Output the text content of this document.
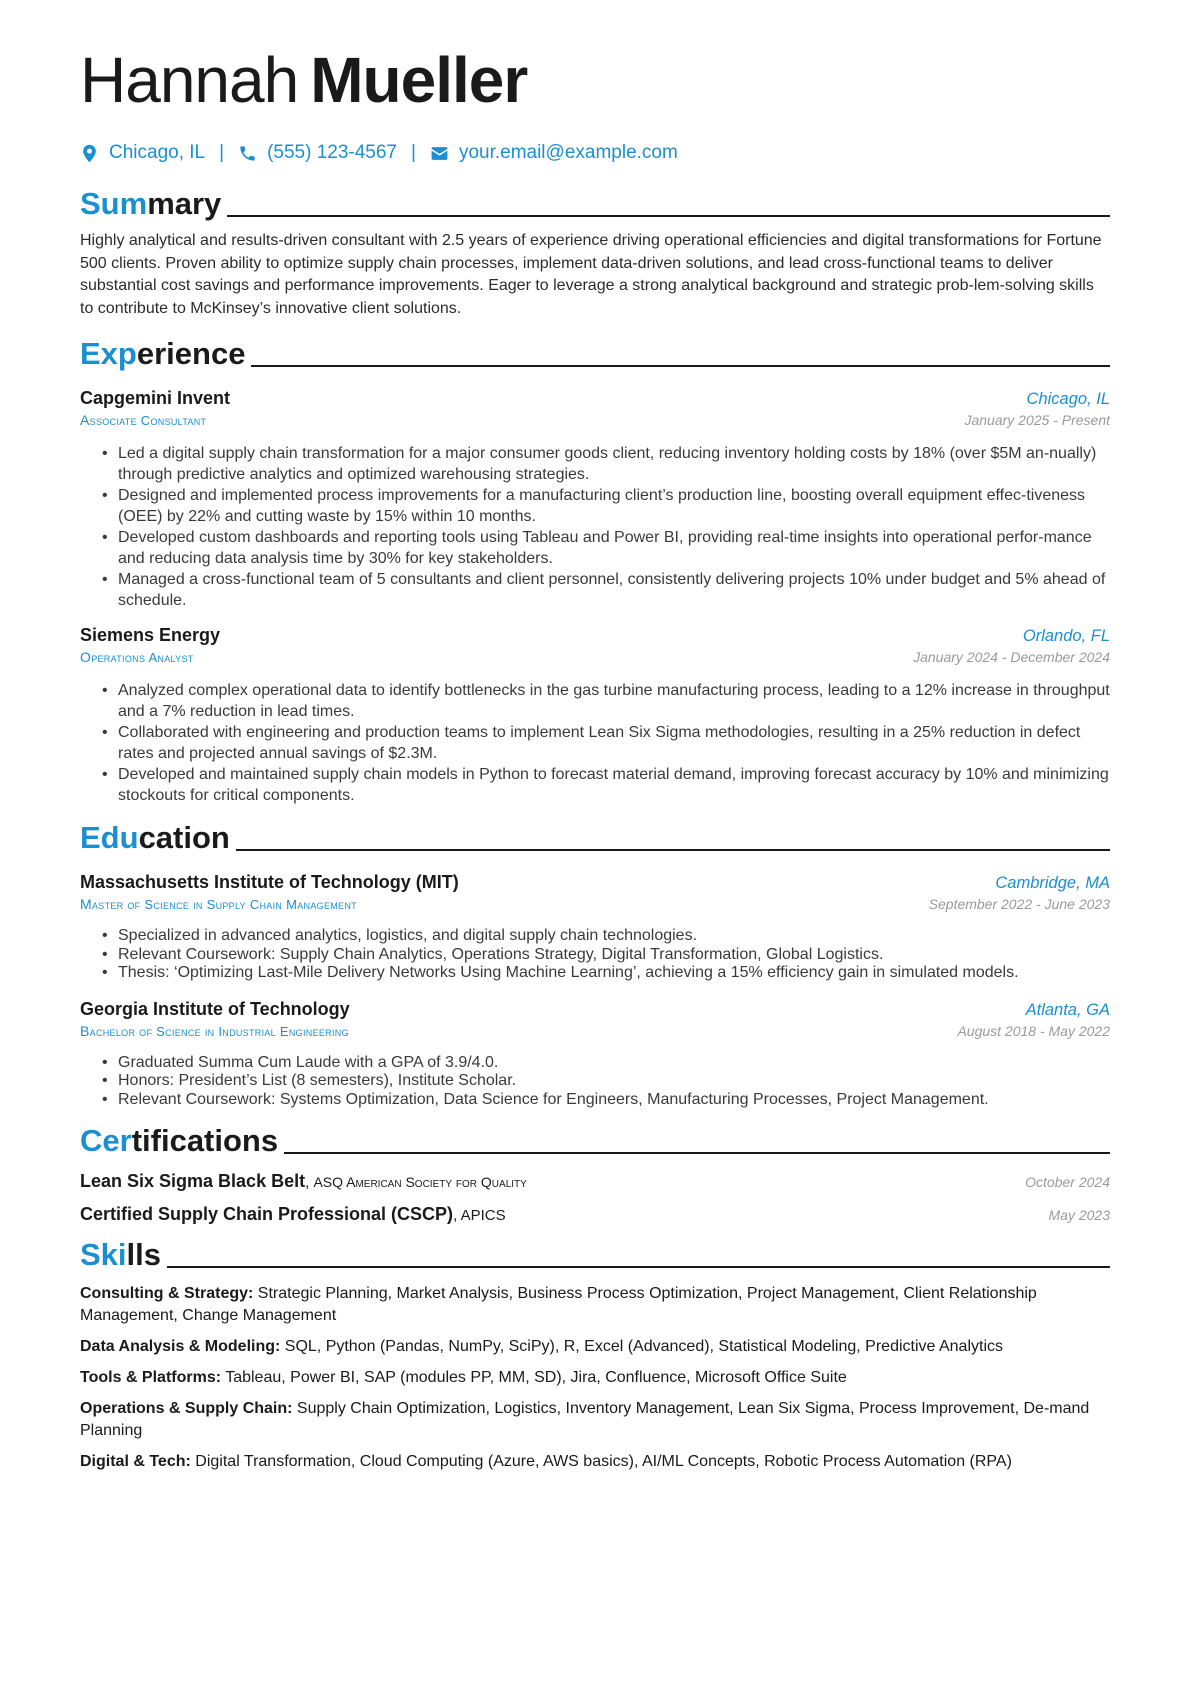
Hannah Mueller
Chicago, IL | (555) 123-4567 | your.email@example.com
Summary

Highly analytical and results-driven consultant with 2.5 years of experience driving operational efficiencies and digital transformations for Fortune 500 clients. Proven ability to optimize supply chain processes, implement data-driven solutions, and lead cross-functional teams to deliver substantial cost savings and performance improvements. Eager to leverage a strong analytical background and strategic prob-lem-solving skills to contribute to McKinsey’s innovative client solutions.

Experience
Capgemini Invent	Chicago, IL
Associate Consultant	January 2025 - Present
• Led a digital supply chain transformation for a major consumer goods client, reducing inventory holding costs by 18% (over $5M an-nually) through predictive analytics and optimized warehousing strategies.
• Designed and implemented process improvements for a manufacturing client’s production line, boosting overall equipment effec-tiveness (OEE) by 22% and cutting waste by 15% within 10 months.
• Developed custom dashboards and reporting tools using Tableau and Power BI, providing real-time insights into operational perfor-mance and reducing data analysis time by 30% for key stakeholders.
• Managed a cross-functional team of 5 consultants and client personnel, consistently delivering projects 10% under budget and 5% ahead of schedule.
Siemens Energy	Orlando, FL
Operations Analyst	January 2024 - December 2024
• Analyzed complex operational data to identify bottlenecks in the gas turbine manufacturing process, leading to a 12% increase in throughput and a 7% reduction in lead times.
• Collaborated with engineering and production teams to implement Lean Six Sigma methodologies, resulting in a 25% reduction in defect rates and projected annual savings of $2.3M.
• Developed and maintained supply chain models in Python to forecast material demand, improving forecast accuracy by 10% and minimizing stockouts for critical components.
Education
Massachusetts Institute of Technology (MIT)	Cambridge, MA
Master of Science in Supply Chain Management	September 2022 - June 2023
• Specialized in advanced analytics, logistics, and digital supply chain technologies.
• Relevant Coursework: Supply Chain Analytics, Operations Strategy, Digital Transformation, Global Logistics.
• Thesis: ‘Optimizing Last-Mile Delivery Networks Using Machine Learning’, achieving a 15% efficiency gain in simulated models.
Georgia Institute of Technology	Atlanta, GA
Bachelor of Science in Industrial Engineering	August 2018 - May 2022
• Graduated Summa Cum Laude with a GPA of 3.9/4.0.
• Honors: President’s List (8 semesters), Institute Scholar.
• Relevant Coursework: Systems Optimization, Data Science for Engineers, Manufacturing Processes, Project Management.
Certifications
Lean Six Sigma Black Belt, ASQ American Society for Quality	October 2024
Certified Supply Chain Professional (CSCP), APICS	May 2023
Skills

Consulting & Strategy: Strategic Planning, Market Analysis, Business Process Optimization, Project Management, Client Relationship Management, Change Management

Data Analysis & Modeling: SQL, Python (Pandas, NumPy, SciPy), R, Excel (Advanced), Statistical Modeling, Predictive Analytics

Tools & Platforms: Tableau, Power BI, SAP (modules PP, MM, SD), Jira, Confluence, Microsoft Office Suite

Operations & Supply Chain: Supply Chain Optimization, Logistics, Inventory Management, Lean Six Sigma, Process Improvement, De-mand Planning

Digital & Tech: Digital Transformation, Cloud Computing (Azure, AWS basics), AI/ML Concepts, Robotic Process Automation (RPA)
